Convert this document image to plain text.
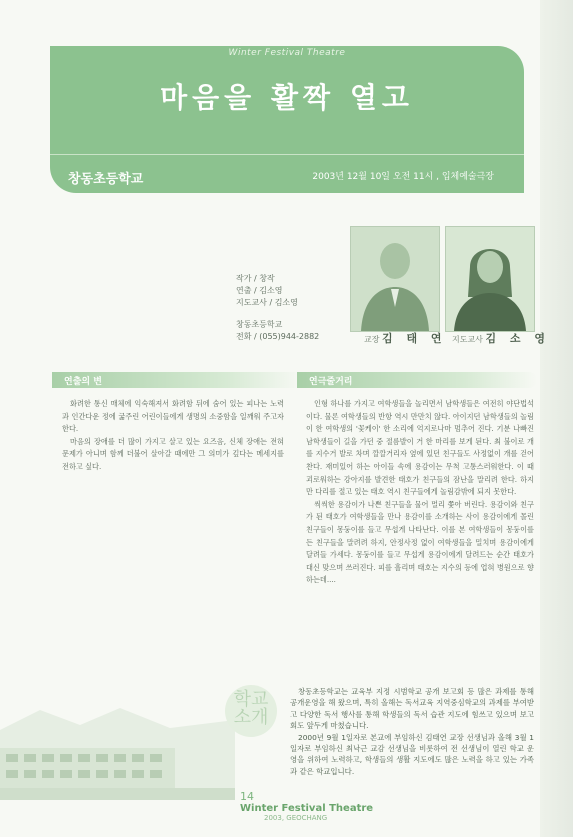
Winter Festival Theatre
마음을 활짝 열고
창동초등학교	2003년 12월 10일 오전 11시 , 입체예술극장
작가 / 창작
연출 / 김소영
지도교사 / 김소영
창동초등학교
전화 / (055)944-2882	교장 김 태 연 지도교사 김 소 영
연출의 변

화려한 통신 매체에 익숙해져서 화려함 뒤에 숨어 있는 피나는 노력과 인간다운 정에 굶주린 어린이들에게 생명의 소중함을 일깨워 주고자 한다.

마음의 장애를 더 많이 가지고 살고 있는 요즈음, 신체 장애는 전혀 문제가 아니며 함께 더불어 살아갈 때에만 그 의미가 깊다는 메세지를 전하고 싶다.

연극줄거리

인형 하나를 가지고 여학생들을 놀리면서 남학생들은 여전히 야단법석이다. 물론 여학생들의 반항 역시 만만치 않다. 아이지던 남학생들의 놀림이 한 여학생의 '꽃케이' 한 소리에 억지로나마 멈추어 진다. 기분 나빠진 남학생들이 길을 가던 중 절름발이 거 한 마리를 보게 된다. 최 불이로 개를 지수거 발로 차며 깔깔거리자 옆에 있던 친구들도 사정없이 개를 걷어찬다. 재미있어 하는 아이들 속에 용감이는 무척 고통스러워한다. 이 때 괴로워하는 강아지를 발견한 태호가 친구들의 잠난을 말리려 한다. 하지만 다리를 절고 있는 태호 역시 친구들에게 놀림감밖에 되지 못한다.

씩씩한 용감이가 나쁜 친구들을 물어 멀리 쫓아 버린다. 용감이와 친구가 된 태호가 여학생들을 만나 용감이를 소개하는 사이 용감이에게 몰린 친구들이 몽둥이를 들고 무섭게 나타난다. 이를 본 여학생들이 몽둥이를 든 친구들을 말려려 하지, 안정사정 없이 여학생들을 밀치며 용감이에게 달려들 가세다. 몽둥이를 들고 무섭게 용감이에게 달려드는 순간 태호가 대신 맞으며 쓰러진다. 피를 흘리며 태호는 지수의 등에 업혀 병원으로 향하는데....

학교소개

창동초등학교는 교육부 지정 시범학교 공개 보고회 등 많은 과제를 통해 공개운영을 해 왔으며, 특히 올해는 독서교육 지역중심학교의 과제를 부여받고 다양한 독서 행사를 통해 학생들의 독서 습관 지도에 힘쓰고 있으며 보고회도 앞두게 마쳤습니다.

2000년 9월 1일자로 본교에 부임하신 김태연 교장 선생님과 올해 3월 1일자로 부임하신 최낙근 교감 선생님을 비롯하여 전 선생님이 열린 학교 운영을 위하여 노력하고, 학생들의 생활 지도에도 많은 노력을 하고 있는 가족과 같은 학교입니다.

14
Winter Festival Theatre
2003, GEOCHANG
